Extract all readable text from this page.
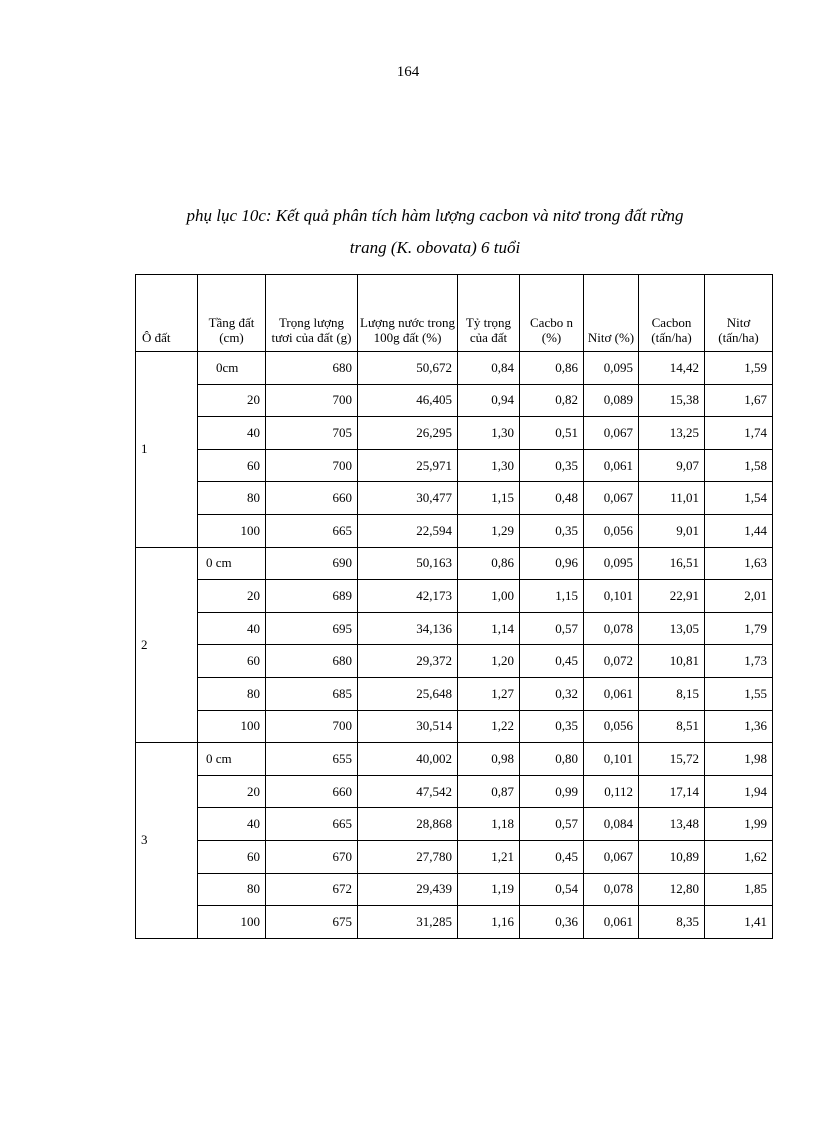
164
phụ lục 10c: Kết quả phân tích hàm lượng cacbon và nitơ trong đất rừng
trang (K. obovata) 6 tuổi
Ô đất	Tầng đất (cm)	Trọng lượng tươi của đất (g)	Lượng nước trong 100g đất (%)	Tỷ trọng của đất	Cacbo n (%)	Nitơ (%)	Cacbon (tấn/ha)	Nitơ (tấn/ha)
1	0cm	680	50,672	0,84	0,86	0,095	14,42	1,59
	20	700	46,405	0,94	0,82	0,089	15,38	1,67
	40	705	26,295	1,30	0,51	0,067	13,25	1,74
	60	700	25,971	1,30	0,35	0,061	9,07	1,58
	80	660	30,477	1,15	0,48	0,067	11,01	1,54
	100	665	22,594	1,29	0,35	0,056	9,01	1,44
2	0 cm	690	50,163	0,86	0,96	0,095	16,51	1,63
	20	689	42,173	1,00	1,15	0,101	22,91	2,01
	40	695	34,136	1,14	0,57	0,078	13,05	1,79
	60	680	29,372	1,20	0,45	0,072	10,81	1,73
	80	685	25,648	1,27	0,32	0,061	8,15	1,55
	100	700	30,514	1,22	0,35	0,056	8,51	1,36
3	0 cm	655	40,002	0,98	0,80	0,101	15,72	1,98
	20	660	47,542	0,87	0,99	0,112	17,14	1,94
	40	665	28,868	1,18	0,57	0,084	13,48	1,99
	60	670	27,780	1,21	0,45	0,067	10,89	1,62
	80	672	29,439	1,19	0,54	0,078	12,80	1,85
	100	675	31,285	1,16	0,36	0,061	8,35	1,41
